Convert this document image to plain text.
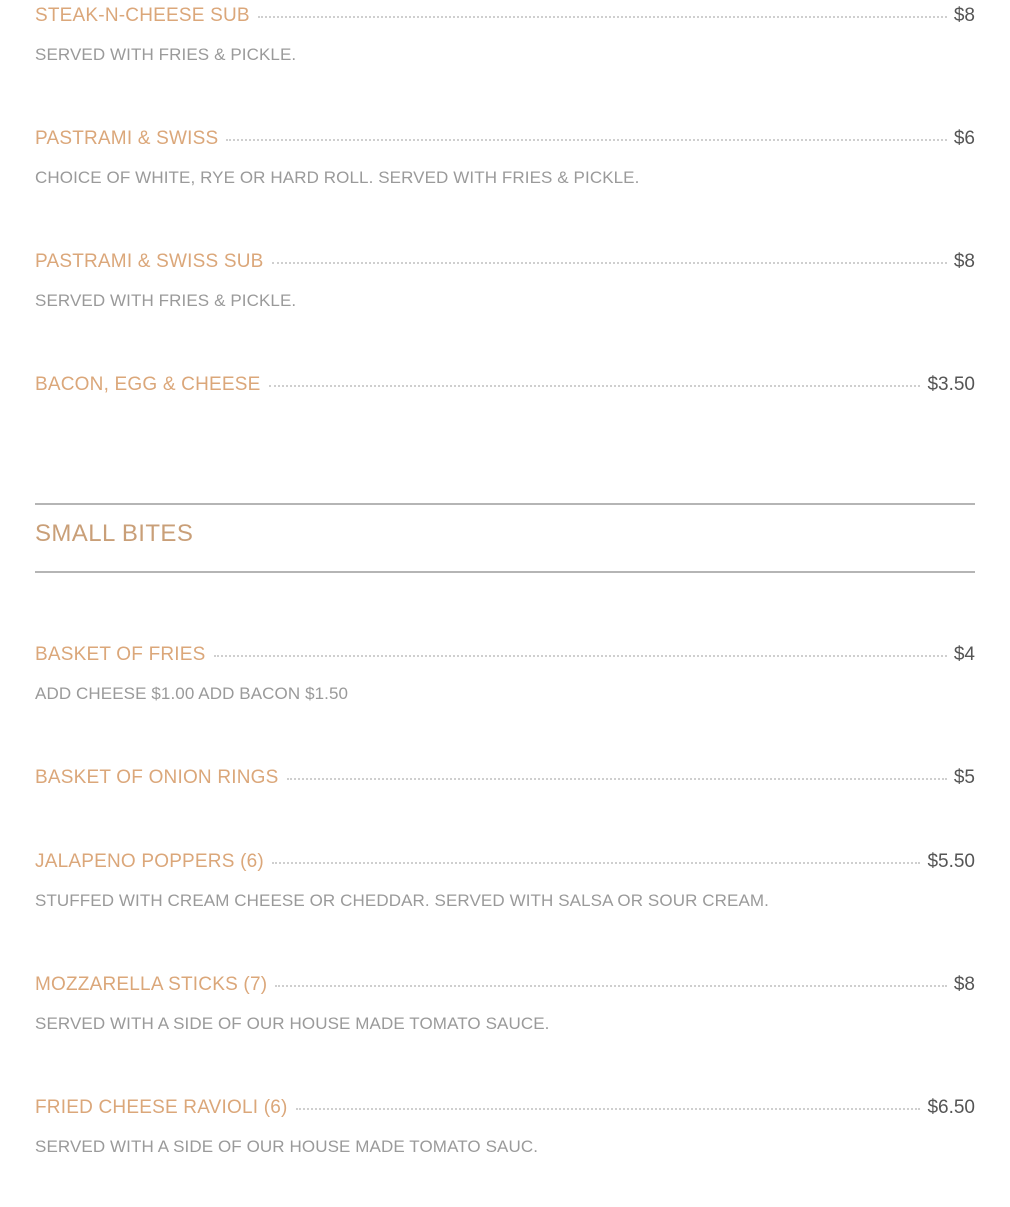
STEAK-N-CHEESE SUB	$8
SERVED WITH FRIES & PICKLE.
PASTRAMI & SWISS	$6
CHOICE OF WHITE, RYE OR HARD ROLL. SERVED WITH FRIES & PICKLE.
PASTRAMI & SWISS SUB	$8
SERVED WITH FRIES & PICKLE.
BACON, EGG & CHEESE	$3.50
SMALL BITES
BASKET OF FRIES	$4
ADD CHEESE $1.00 ADD BACON $1.50
BASKET OF ONION RINGS	$5
JALAPENO POPPERS (6)	$5.50
STUFFED WITH CREAM CHEESE OR CHEDDAR. SERVED WITH SALSA OR SOUR CREAM.
MOZZARELLA STICKS (7)	$8
SERVED WITH A SIDE OF OUR HOUSE MADE TOMATO SAUCE.
FRIED CHEESE RAVIOLI (6)	$6.50
SERVED WITH A SIDE OF OUR HOUSE MADE TOMATO SAUC.
